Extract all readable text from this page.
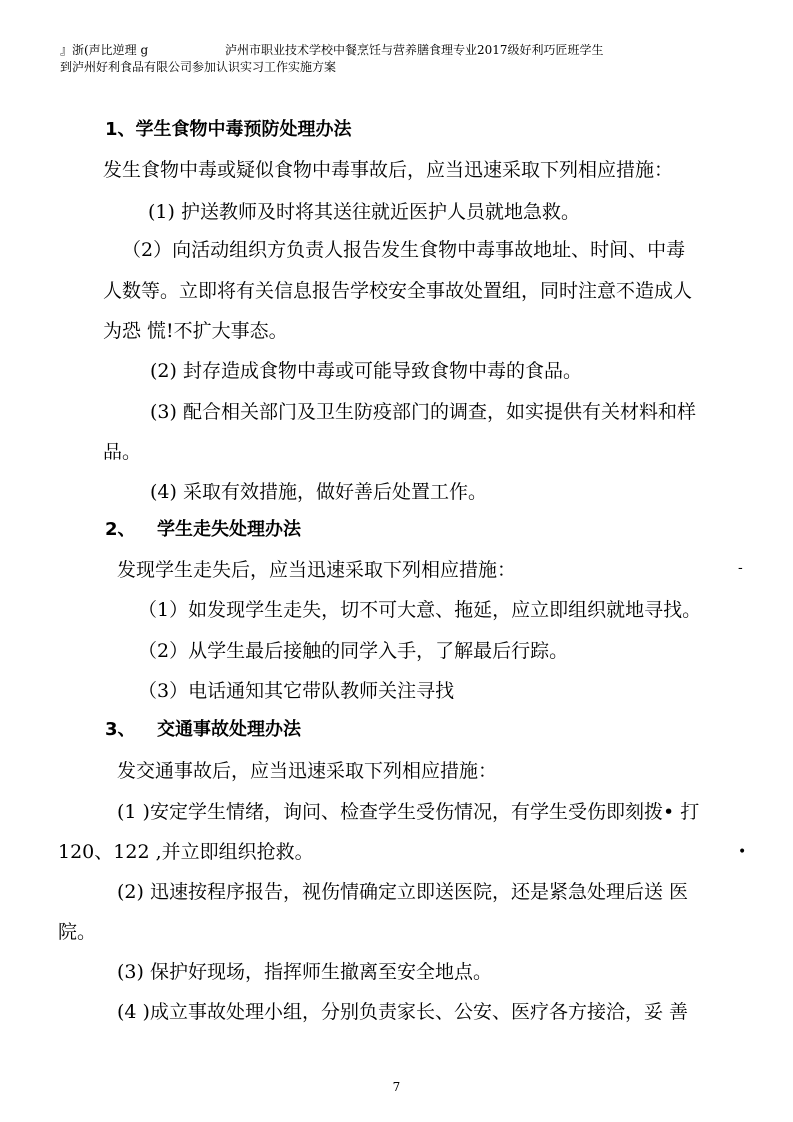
』浙(声比逆理 g	泸州市职业技术学校中餐烹饪与营养膳食理专业2017级好利巧匠班学生
到泸州好利食品有限公司参加认识实习工作实施方案
1、学生食物中毒预防处理办法
发生食物中毒或疑似食物中毒事故后，应当迅速采取下列相应措施：
(1) 护送教师及时将其送往就近医护人员就地急救。
（2）向活动组织方负责人报告发生食物中毒事故地址、时间、中毒
人数等。立即将有关信息报告学校安全事故处置组，同时注意不造成人
为恐 慌!不扩大事态。
(2) 封存造成食物中毒或可能导致食物中毒的食品。
(3) 配合相关部门及卫生防疫部门的调查，如实提供有关材料和样
品。
(4) 采取有效措施，做好善后处置工作。
2、 学生走失处理办法
发现学生走失后，应当迅速采取下列相应措施：	-
（1）如发现学生走失，切不可大意、拖延，应立即组织就地寻找。
（2）从学生最后接触的同学入手，了解最后行踪。
（3）电话通知其它带队教师关注寻找
3、 交通事故处理办法
发交通事故后，应当迅速采取下列相应措施：
(1 )安定学生情绪，询问、检查学生受伤情况，有学生受伤即刻拨• 打
120、122 ,并立即组织抢救。	•
(2) 迅速按程序报告，视伤情确定立即送医院，还是紧急处理后送 医
院。
(3) 保护好现场，指挥师生撤离至安全地点。
(4 )成立事故处理小组，分别负责家长、公安、医疗各方接洽，妥 善
7
